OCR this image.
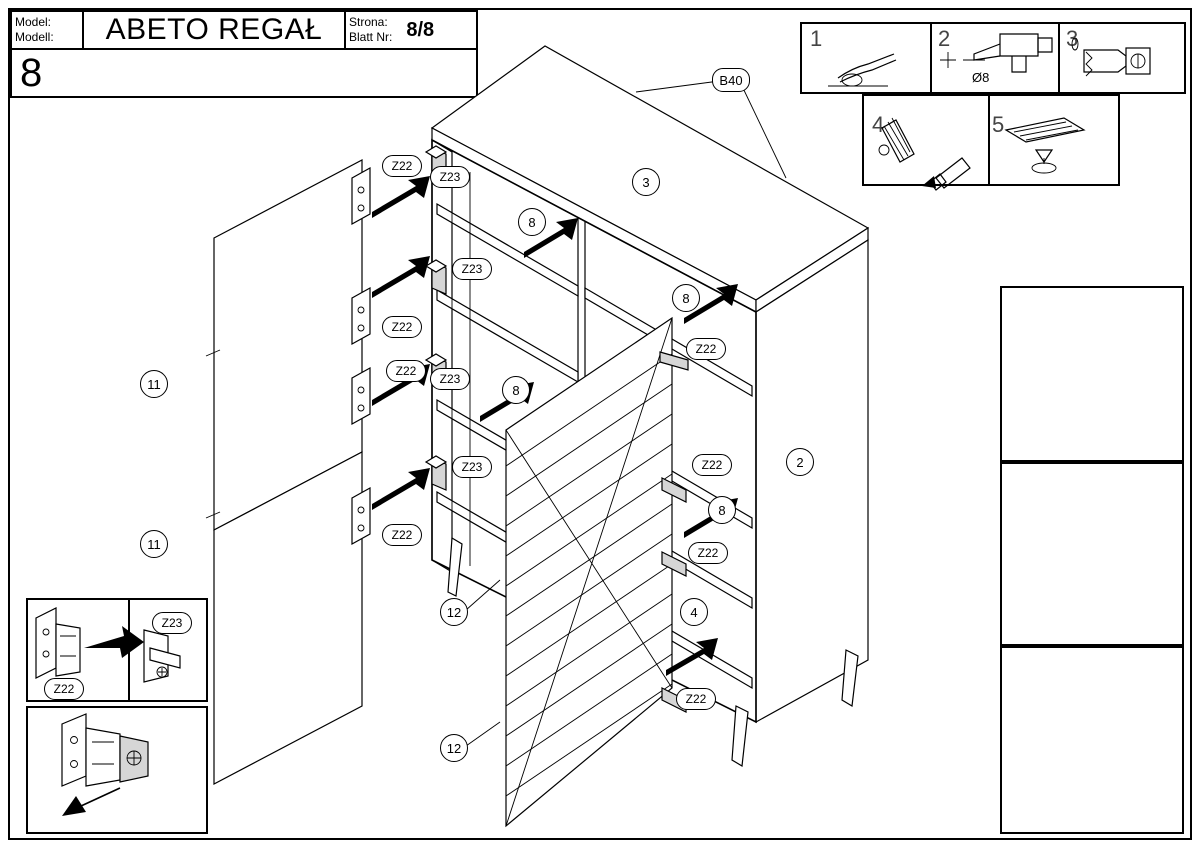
Model:
Modell:	ABETO REGAŁ	Strona:
Blatt Nr: 8/8
8
1	2	3
4	5
Ø8
B40
3
2
4
11
11
12
12
8
8
8
8
Z22
Z23
Z23
Z22
Z22
Z23
Z23
Z22
Z22
Z22
Z22
Z22
Z22
Z23
